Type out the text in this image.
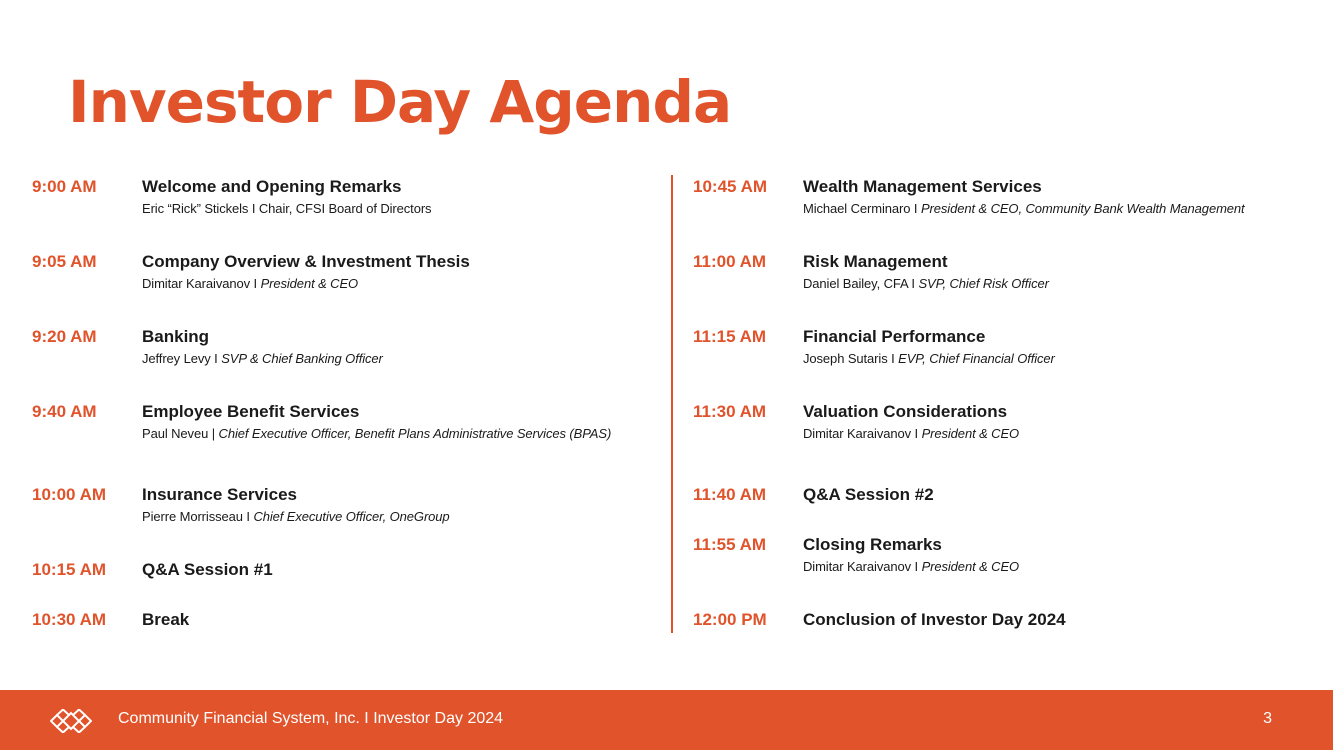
Investor Day Agenda
9:00 AM	Welcome and Opening Remarks
Eric “Rick” Stickels I Chair, CFSI Board of Directors
9:05 AM	Company Overview & Investment Thesis
Dimitar Karaivanov I President & CEO
9:20 AM	Banking
Jeffrey Levy I SVP & Chief Banking Officer
9:40 AM	Employee Benefit Services
Paul Neveu | Chief Executive Officer, Benefit Plans Administrative Services (BPAS)
10:00 AM Insurance Services
Pierre Morrisseau I Chief Executive Officer, OneGroup
10:15 AM Q&A Session #1
10:30 AM Break
10:45 AM Wealth Management Services
Michael Cerminaro I President & CEO, Community Bank Wealth Management
11:00 AM Risk Management
Daniel Bailey, CFA I SVP, Chief Risk Officer
11:15 AM Financial Performance
Joseph Sutaris I EVP, Chief Financial Officer
11:30 AM Valuation Considerations
Dimitar Karaivanov I President & CEO
11:40 AM Q&A Session #2
11:55 AM Closing Remarks
Dimitar Karaivanov I President & CEO
12:00 PM Conclusion of Investor Day 2024
Community Financial System, Inc. I Investor Day 2024	3
